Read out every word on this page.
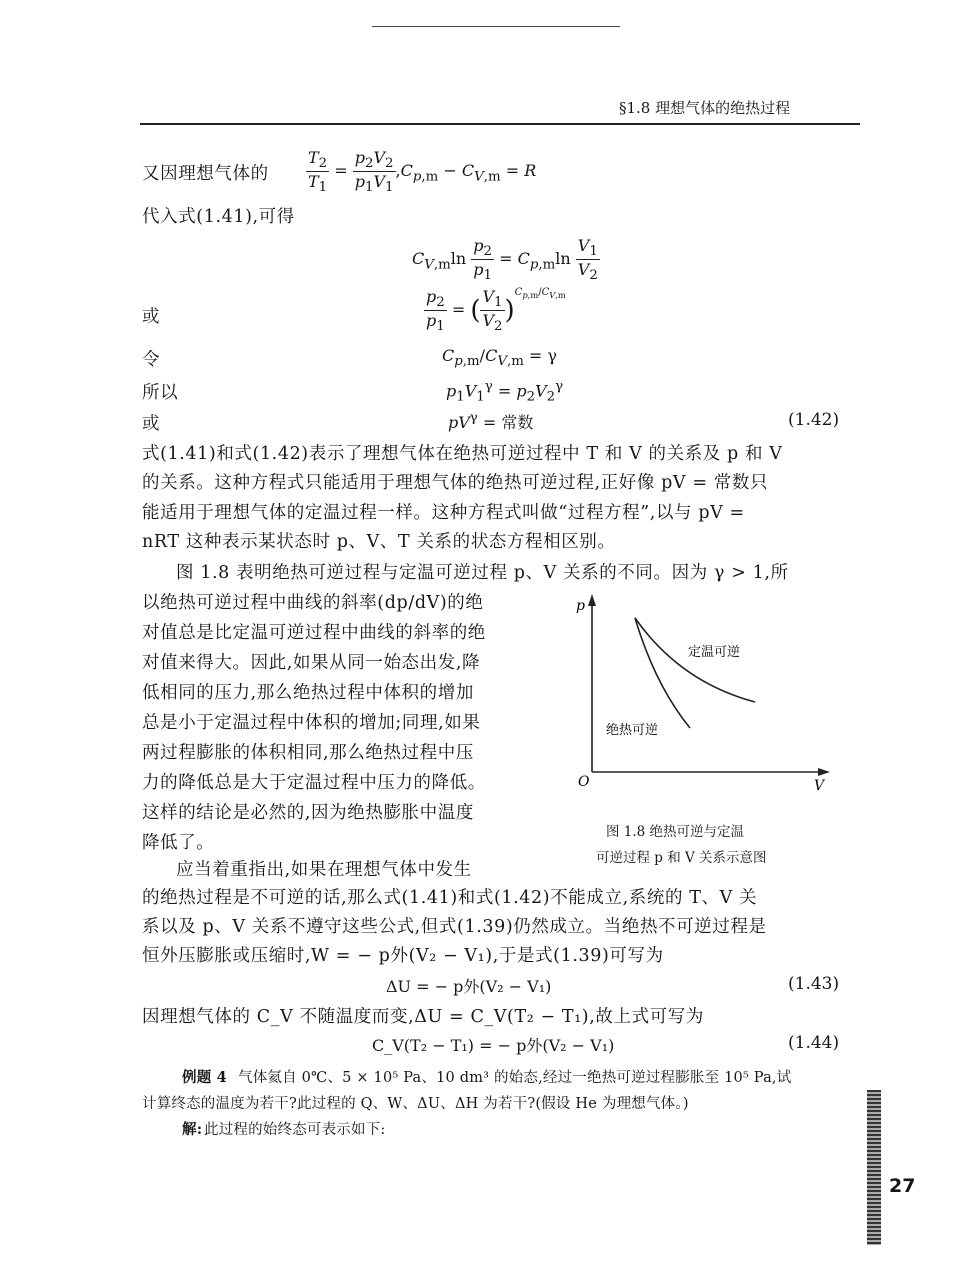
§1.8 理想气体的绝热过程
又因理想气体的 $\frac{T_2}{T_1} = \frac{p_2V_2}{p_1V_1} ,C_{p,m} - C_{V,m} = R$
代入式(1.41),可得
$C_{V,m}\ln \frac{p_2}{p_1} = C_{p,m}\ln \frac{V_1}{V_2}$
或	$\frac{p_2}{p_1}$ = ( $\frac{V_1}{V_2} )^{C_{p,m}/C_{V,m}}$
令	$C_{p,m}/C_{V,m} = \gamma$
所以	$p_1V_1^\gamma = p_2V_2^\gamma$
或	$pV^\gamma$ = 常数	(1.42)
式(1.41)和式(1.42)表示了理想气体在绝热可逆过程中 T 和 V 的关系及 p 和 V
的关系。这种方程式只能适用于理想气体的绝热可逆过程,正好像 pV = 常数只
能适用于理想气体的定温过程一样。这种方程式叫做“过程方程”,以与 pV =
nRT 这种表示某状态时 p、V、T 关系的状态方程相区别。
图 1.8 表明绝热可逆过程与定温可逆过程 p、V 关系的不同。因为 γ > 1,所
以绝热可逆过程中曲线的斜率(dp/dV)的绝
对值总是比定温可逆过程中曲线的斜率的绝
对值来得大。因此,如果从同一始态出发,降
低相同的压力,那么绝热过程中体积的增加
总是小于定温过程中体积的增加;同理,如果
两过程膨胀的体积相同,那么绝热过程中压
力的降低总是大于定温过程中压力的降低。
这样的结论是必然的,因为绝热膨胀中温度
降低了。
p
V
O
定温可逆
绝热可逆
图 1.8 绝热可逆与定温
可逆过程 p 和 V 关系示意图
应当着重指出,如果在理想气体中发生
的绝热过程是不可逆的话,那么式(1.41)和式(1.42)不能成立,系统的 T、V 关
系以及 p、V 关系不遵守这些公式,但式(1.39)仍然成立。当绝热不可逆过程是
恒外压膨胀或压缩时,W = − p外(V₂ − V₁),于是式(1.39)可写为
ΔU = − p外(V₂ − V₁)	(1.43)
因理想气体的 C_V 不随温度而变,ΔU = C_V(T₂ − T₁),故上式可写为
C_V(T₂ − T₁) = − p外(V₂ − V₁)	(1.44)
例题 4 气体氦自 0℃、5 × 10⁵ Pa、10 dm³ 的始态,经过一绝热可逆过程膨胀至 10⁵ Pa,试
计算终态的温度为若干?此过程的 Q、W、ΔU、ΔH 为若干?(假设 He 为理想气体。)
解: 此过程的始终态可表示如下:
27
